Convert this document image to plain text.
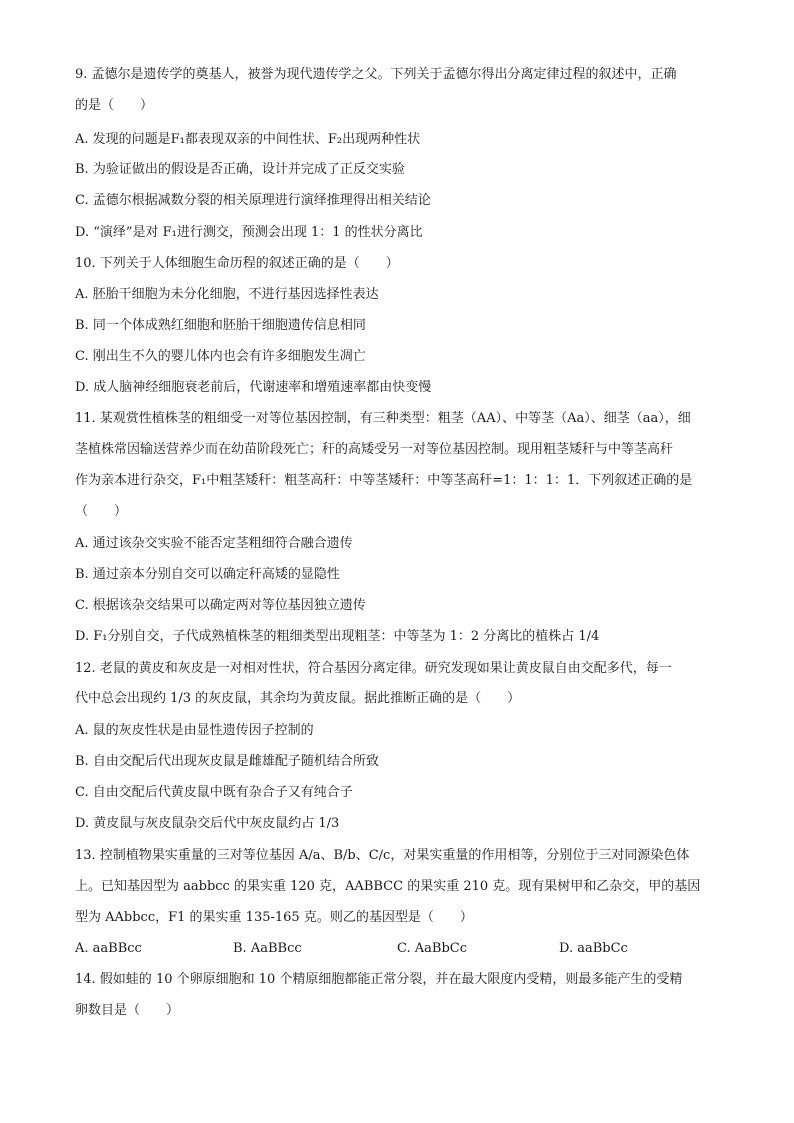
9. 孟德尔是遗传学的奠基人，被誉为现代遗传学之父。下列关于孟德尔得出分离定律过程的叙述中，正确
的是（　　）
A. 发现的问题是F₁都表现双亲的中间性状、F₂出现两种性状
B. 为验证做出的假设是否正确，设计并完成了正反交实验
C. 孟德尔根据减数分裂的相关原理进行演绎推理得出相关结论
D. “演绎”是对 F₁进行测交，预测会出现 1：1 的性状分离比
10. 下列关于人体细胞生命历程的叙述正确的是（　　）
A. 胚胎干细胞为未分化细胞，不进行基因选择性表达
B. 同一个体成熟红细胞和胚胎干细胞遗传信息相同
C. 刚出生不久的婴儿体内也会有许多细胞发生凋亡
D. 成人脑神经细胞衰老前后，代谢速率和增殖速率都由快变慢
11. 某观赏性植株茎的粗细受一对等位基因控制，有三种类型：粗茎（AA）、中等茎（Aa）、细茎（aa），细
茎植株常因输送营养少而在幼苗阶段死亡；秆的高矮受另一对等位基因控制。现用粗茎矮秆与中等茎高秆
作为亲本进行杂交，F₁中粗茎矮秆：粗茎高秆：中等茎矮秆：中等茎高秆=1：1：1：1．下列叙述正确的是
（　　）
A. 通过该杂交实验不能否定茎粗细符合融合遗传
B. 通过亲本分别自交可以确定秆高矮的显隐性
C. 根据该杂交结果可以确定两对等位基因独立遗传
D. F₁分别自交，子代成熟植株茎的粗细类型出现粗茎：中等茎为 1：2 分离比的植株占 1/4
12. 老鼠的黄皮和灰皮是一对相对性状，符合基因分离定律。研究发现如果让黄皮鼠自由交配多代，每一
代中总会出现约 1/3 的灰皮鼠，其余均为黄皮鼠。据此推断正确的是（　　）
A. 鼠的灰皮性状是由显性遗传因子控制的
B. 自由交配后代出现灰皮鼠是雌雄配子随机结合所致
C. 自由交配后代黄皮鼠中既有杂合子又有纯合子
D. 黄皮鼠与灰皮鼠杂交后代中灰皮鼠约占 1/3
13. 控制植物果实重量的三对等位基因 A/a、B/b、C/c，对果实重量的作用相等，分别位于三对同源染色体
上。已知基因型为 aabbcc 的果实重 120 克，AABBCC 的果实重 210 克。现有果树甲和乙杂交，甲的基因
型为 AAbbcc，F1 的果实重 135-165 克。则乙的基因型是（　　）
A. aaBBcc	B. AaBBcc	C. AaBbCc	D. aaBbCc
14. 假如蛙的 10 个卵原细胞和 10 个精原细胞都能正常分裂，并在最大限度内受精，则最多能产生的受精
卵数目是（　　）
